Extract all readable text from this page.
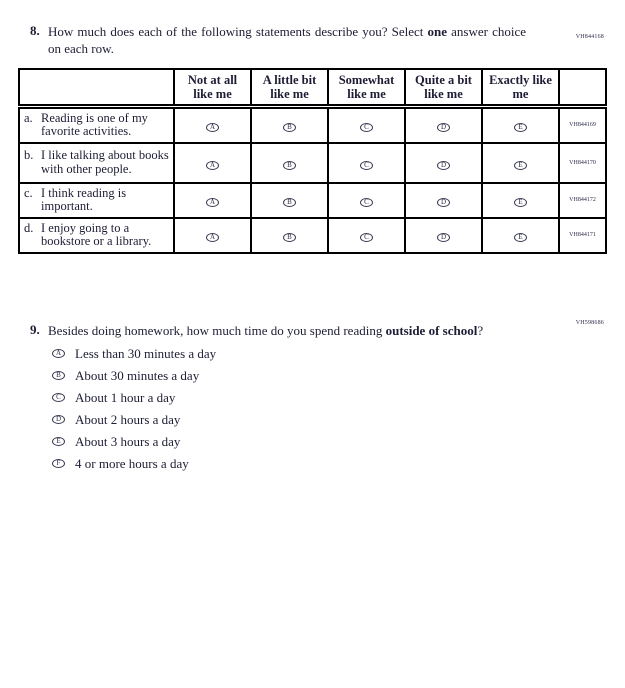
VH844168
8. How much does each of the following statements describe you? Select one answer choice on each row.
	Not at all like me	A little bit like me	Somewhat like me	Quite a bit like me	Exactly like me	

a. Reading is one of my favorite activities.	A	B	C	D	E	VH844169

b. I like talking about books with other people.	A	B	C	D	E	VH844170

c. I think reading is important.	A	B	C	D	E	VH844172

d. I enjoy going to a bookstore or a library.	A	B	C	D	E	VH844171
VH598686
9. Besides doing homework, how much time do you spend reading outside of school?
A	Less than 30 minutes a day
B	About 30 minutes a day
C	About 1 hour a day
D	About 2 hours a day
E	About 3 hours a day
F	4 or more hours a day
